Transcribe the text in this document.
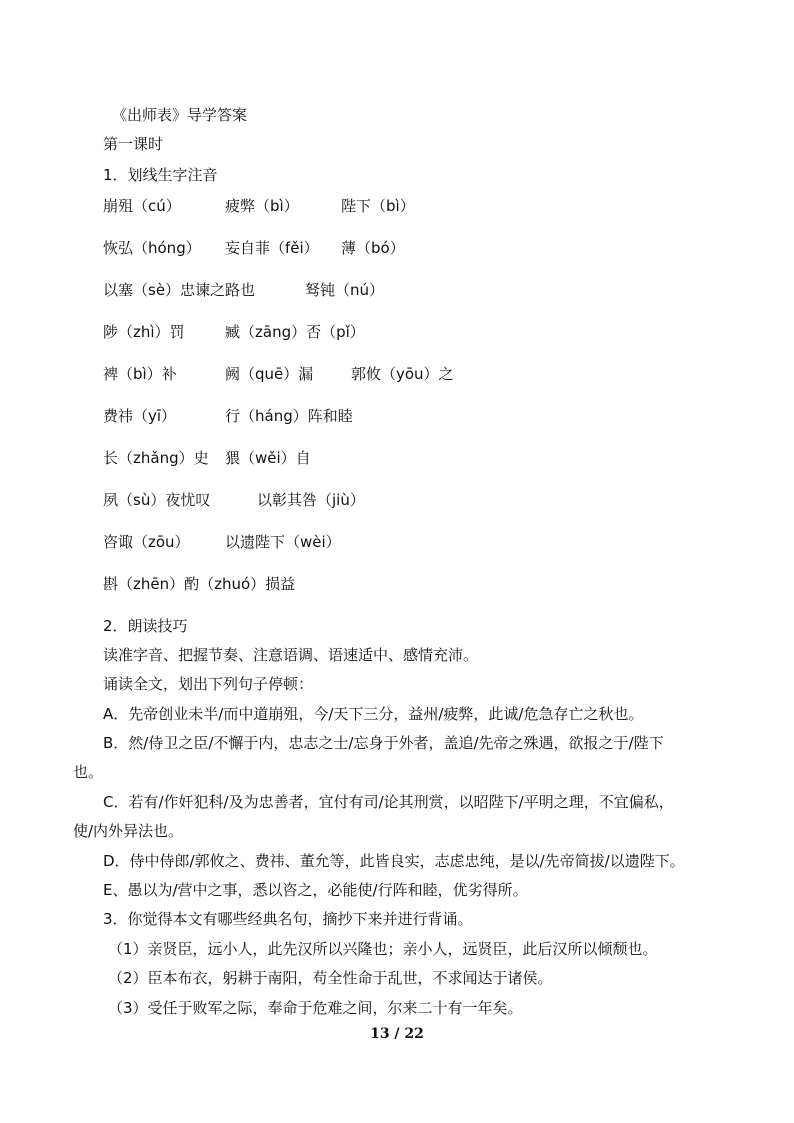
《出师表》导学答案
第一课时
1．划线生字注音
崩殂（cú）	疲弊（bì）	陛下（bì）
恢弘（hóng） 妄自菲（fěi） 薄（bó）
以塞（sè）忠谏之路也	驽钝（nú）
陟（zhì）罚	臧（zāng）否（pǐ）
裨（bì）补	阙（quē）漏	郭攸（yōu）之
费祎（yī）	行（háng）阵和睦
长（zhǎng）史 猥（wěi）自
夙（sù）夜忧叹	以彰其咎（jiù）
咨诹（zōu） 以遗陛下（wèi）
斟（zhēn）酌（zhuó）损益
2．朗读技巧
读准字音、把握节奏、注意语调、语速适中、感情充沛。
诵读全文，划出下列句子停顿：
A．先帝创业未半/而中道崩殂，今/天下三分，益州/疲弊，此诚/危急存亡之秋也。
B．然/侍卫之臣/不懈于内，忠志之士/忘身于外者，盖追/先帝之殊遇，欲报之于/陛下
也。
C．若有/作奸犯科/及为忠善者，宜付有司/论其刑赏，以昭陛下/平明之理，不宜偏私，
使/内外异法也。
D．侍中侍郎/郭攸之、费祎、董允等，此皆良实，志虑忠纯，是以/先帝简拔/以遗陛下。
E、愚以为/营中之事，悉以咨之，必能使/行阵和睦，优劣得所。
3．你觉得本文有哪些经典名句，摘抄下来并进行背诵。
（1）亲贤臣，远小人，此先汉所以兴隆也；亲小人，远贤臣，此后汉所以倾颓也。
（2）臣本布衣，躬耕于南阳，苟全性命于乱世，不求闻达于诸侯。
（3）受任于败军之际，奉命于危难之间，尔来二十有一年矣。
13 / 22
